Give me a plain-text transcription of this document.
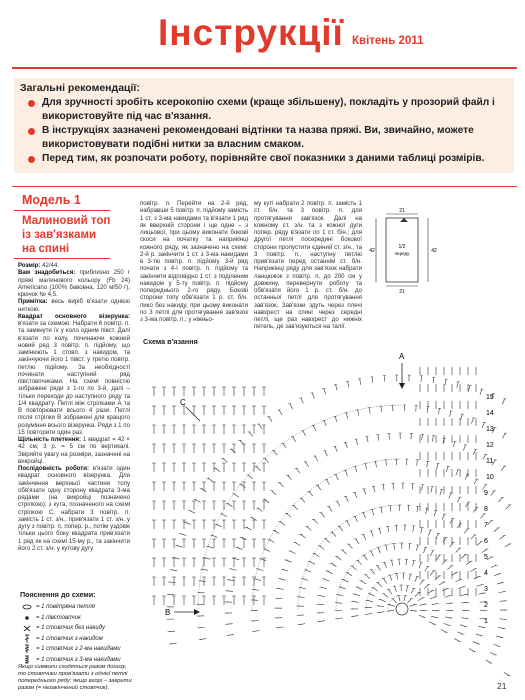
Інструкції Квітень 2011
Загальні рекомендації:
Для зручності зробіть ксерокопію схеми (краще збільшену), покладіть у прозорий файл і використовуйте під час в'язання.
В інструкціях зазначені рекомендовані відтінки та назва пряжі. Ви, звичайно, можете використовувати подібні нитки за власним смаком.
Перед тим, як розпочати роботу, порівняйте свої показники з даними таблиці розмірів.
Модель 1
Малиновий топ із зав'язками на спині

Розмір: 42/44.

Вам знадобиться: приблизно 250 г пряжі малинового кольору (Fb 24) Americano (100% бавовна, 120 м/50 г), крючок № 4,5.

Примітка: весь виріб в'язати однією ниткою.

Квадрат основного візерунка: в'язати за схемою. Набрати 6 повітр. п. та замкнути їх у коло одним півст. Далі в'язати по колу, починаючи кожний новий ряд 3 повітр. п. підйому, що замінюють 1 стовп. з накидом, та закінчуючи його 1 півст. у третю повітр. петлю підйому. За необхідності починати наступний ряд півстовпчиками. На схемі повністю зображені ряди з 1-го по 3-й, далі – тільки переходи до наступного ряду та 1/4 квадрату. Петлі між стрілками А та В повторювати всього 4 рази. Петлі після стрілки В зображені для кращого розуміння всього візерунка. Ряди з 1 по 15 повторити один раз.

Щільність плетення: 1 квадрат = 42 × 42 см; 3 р. = 5 см по вертикалі. Звіряйте увагу на розміри, зазначені на викройці.

Послідовність роботи: в'язати один квадрат основного візерунка. Для закінчення верхньої частини топу обв'язати одну сторону квадрата 3-ма рядами (на викройці позначено стрілкою): з кута, позначеного на схемі стрілкою С, набрати 3 повітр. п. замість 1 ст. з/н., прив'язати 1 ст. з/н. у дугу з повітр. п. попер. р., потім уздовж тільки цього боку квадрата прив'язати 1 ряд як на схемі 15-му р., та закінчити його 2 ст. з/н. у кутову дугу

повітр. п. Перейти на 2-й ряд, набравши 5 повітр. п. підйому замість 1 ст. з 3-ма накидами та в'язати 1 ряд як вверхній сторони і ще одне – з лицьової, при цьому виконати бокові скоси на початку та наприкінці кожного ряду, як зазначено на схемі: 2-й р. закінчити 1 ст. з 3-ма накидами в 3-тю повітр. п. підйому. 3-й ряд почати з 4-ї повітр. п. підйому та закінчити відповідно 1 ст. з поділеним накидом у 5-ту повітр. п. підйому попереднього 2-го ряду. Бокові сторони топу обв'язати 1 р. ст. б/н. пико без накиду, при цьому виконати по 3 петлі для протягування зав'язок з 3-ма повітр. п.; у ніжньо-

му куті набрати 2 повітр. п. замість 1 ст. б/н. та 3 повітр. п. для протягування зав'язок. Далі на кожному ст. з/н. та з кожної дуги попер. ряду в'язати по 1 ст. б/н.; для другої петлі посередині бокової сторони пропустити єдиний ст. з/н., та 3 повітр. п., наступну петлю прив'язати перед останнім ст. б/н. Наприкінці ряду для зав'язок набрати ланцюжок з повітр. п. до 200 см у довжину, перевернути роботу та обв'язати його 1 р. ст. б/н. до останньої петлі для протягування зав'язок. Зав'язки здуть через плечі навхрест на спині через середні петлі, ще раз навхрест до нижніх петель, де зав'язуються на талії.

21
42	42
1/2
переду
21
Схема в'язання
A
B
C
15
14
13
12
11
10
9
8
7
6
5
4
3
2
1
Пояснення до схеми:
= 1 повітряна петля
= 1 півстовпчик
= 1 стовпчик без накиду
= 1 стовпчик з накидом
= 1 стовпчик з 2-ма накидами
= 1 стовпчик з 3-ма накидами
Якщо символи сходяться разом донизу, то стовпчики пров'язати з однієї петлі попереднього ряду; якщо вгорі – закрити разом (= незакінчений стовпчик).	21
